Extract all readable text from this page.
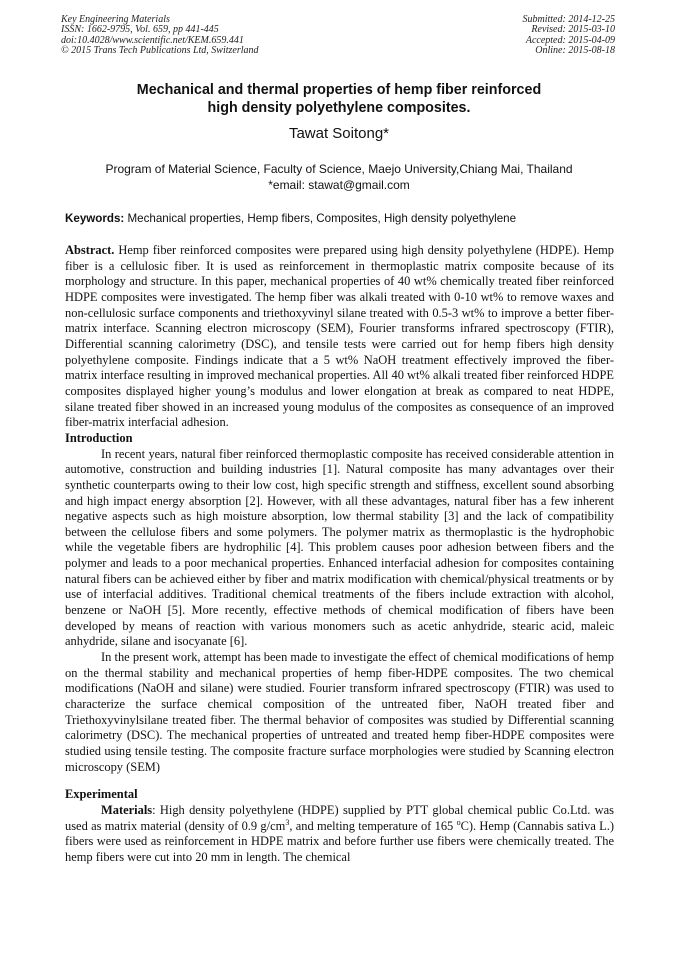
Key Engineering Materials
ISSN: 1662-9795, Vol. 659, pp 441-445
doi:10.4028/www.scientific.net/KEM.659.441
© 2015 Trans Tech Publications Ltd, Switzerland
Submitted: 2014-12-25
Revised: 2015-03-10
Accepted: 2015-04-09
Online: 2015-08-18
Mechanical and thermal properties of hemp fiber reinforced
high density polyethylene composites.
Tawat Soitong*
Program of Material Science, Faculty of Science, Maejo University,Chiang Mai, Thailand
*email: stawat@gmail.com
Keywords: Mechanical properties, Hemp fibers, Composites, High density polyethylene

Abstract. Hemp fiber reinforced composites were prepared using high density polyethylene (HDPE). Hemp fiber is a cellulosic fiber. It is used as reinforcement in thermoplastic matrix composite because of its morphology and structure. In this paper, mechanical properties of 40 wt% chemically treated fiber reinforced HDPE composites were investigated. The hemp fiber was alkali treated with 0-10 wt% to remove waxes and non-cellulosic surface components and triethoxyvinyl silane treated with 0.5-3 wt% to improve a better fiber-matrix interface. Scanning electron microscopy (SEM), Fourier transforms infrared spectroscopy (FTIR), Differential scanning calorimetry (DSC), and tensile tests were carried out for hemp fibers high density polyethylene composite. Findings indicate that a 5 wt% NaOH treatment effectively improved the fiber-matrix interface resulting in improved mechanical properties. All 40 wt% alkali treated fiber reinforced HDPE composites displayed higher young’s modulus and lower elongation at break as compared to neat HDPE, silane treated fiber showed in an increased young modulus of the composites as consequence of an improved fiber-matrix interfacial adhesion.

Introduction

In recent years, natural fiber reinforced thermoplastic composite has received considerable attention in automotive, construction and building industries [1]. Natural composite has many advantages over their synthetic counterparts owing to their low cost, high specific strength and stiffness, excellent sound absorbing and high impact energy absorption [2]. However, with all these advantages, natural fiber has a few inherent negative aspects such as high moisture absorption, low thermal stability [3] and the lack of compatibility between the cellulose fibers and some polymers. The polymer matrix as thermoplastic is the hydrophobic while the vegetable fibers are hydrophilic [4]. This problem causes poor adhesion between fibers and the polymer and leads to a poor mechanical properties. Enhanced interfacial adhesion for composites containing natural fibers can be achieved either by fiber and matrix modification with chemical/physical treatments or by use of interfacial additives. Traditional chemical treatments of the fibers include extraction with alcohol, benzene or NaOH [5]. More recently, effective methods of chemical modification of fibers have been developed by means of reaction with various monomers such as acetic anhydride, stearic acid, maleic anhydride, silane and isocyanate [6].

In the present work, attempt has been made to investigate the effect of chemical modifications of hemp on the thermal stability and mechanical properties of hemp fiber-HDPE composites. The two chemical modifications (NaOH and silane) were studied. Fourier transform infrared spectroscopy (FTIR) was used to characterize the surface chemical composition of the untreated fiber, NaOH treated fiber and Triethoxyvinylsilane treated fiber. The thermal behavior of composites was studied by Differential scanning calorimetry (DSC). The mechanical properties of untreated and treated hemp fiber-HDPE composites were studied using tensile testing. The composite fracture surface morphologies were studied by Scanning electron microscopy (SEM)

Experimental

Materials: High density polyethylene (HDPE) supplied by PTT global chemical public Co.Ltd. was used as matrix material (density of 0.9 $g/cm^3$, and melting temperature of 165 $^o$C). Hemp (Cannabis sativa L.) fibers were used as reinforcement in HDPE matrix and before further use fibers were chemically treated. The hemp fibers were cut into 20 mm in length. The chemical
